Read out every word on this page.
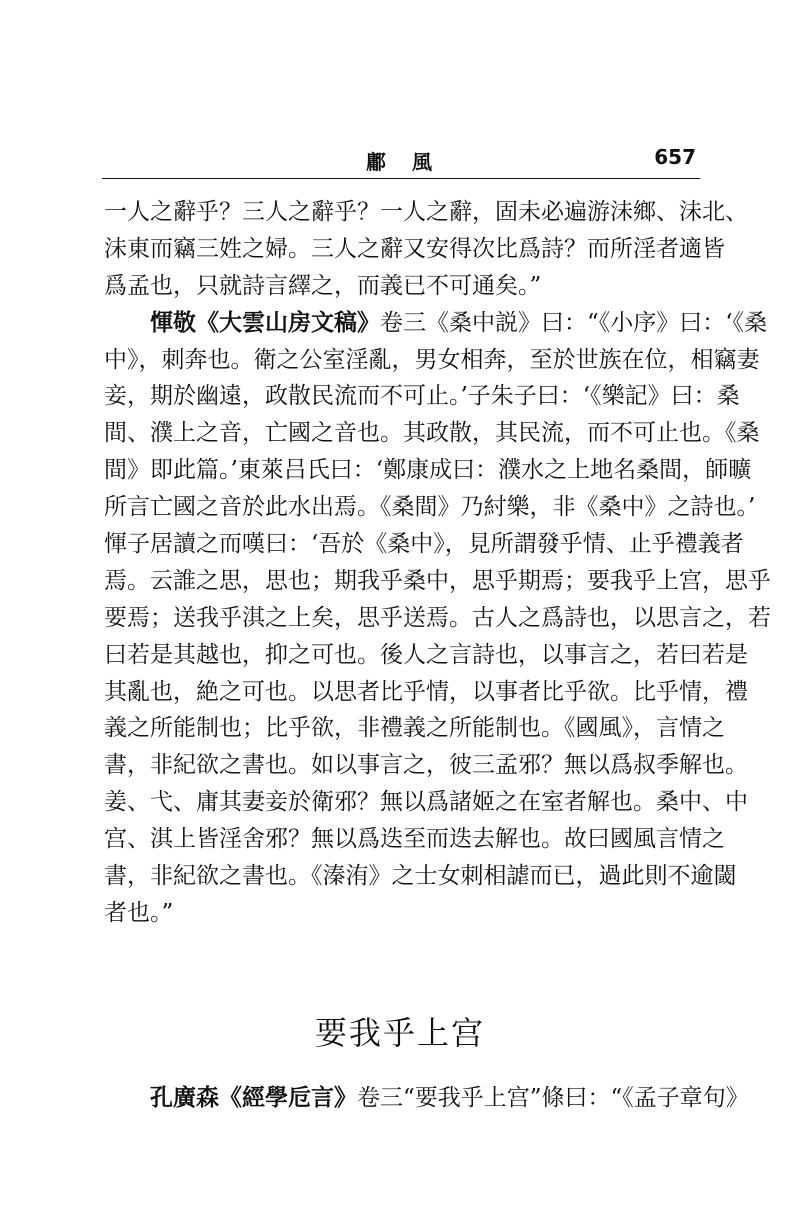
鄘風	657
一人之辭乎？三人之辭乎？一人之辭，固未必遍游沬鄉、沬北、
沬東而竊三姓之婦。三人之辭又安得次比爲詩？而所淫者適皆
爲孟也，只就詩言繹之，而義已不可通矣。”
惲敬《大雲山房文稿》卷三《桑中説》曰：“《小序》曰：‘《桑
中》，刺奔也。衛之公室淫亂，男女相奔，至於世族在位，相竊妻
妾，期於幽遠，政散民流而不可止。’子朱子曰：‘《樂記》曰：桑
間、濮上之音，亡國之音也。其政散，其民流，而不可止也。《桑
間》即此篇。’東萊吕氏曰：‘鄭康成曰：濮水之上地名桑間，師曠
所言亡國之音於此水出焉。《桑間》乃紂樂，非《桑中》之詩也。’
惲子居讀之而嘆曰：‘吾於《桑中》，見所謂發乎情、止乎禮義者
焉。云誰之思，思也；期我乎桑中，思乎期焉；要我乎上宫，思乎
要焉；送我乎淇之上矣，思乎送焉。古人之爲詩也，以思言之，若
曰若是其越也，抑之可也。後人之言詩也，以事言之，若曰若是
其亂也，絶之可也。以思者比乎情，以事者比乎欲。比乎情，禮
義之所能制也；比乎欲，非禮義之所能制也。《國風》，言情之
書，非紀欲之書也。如以事言之，彼三孟邪？無以爲叔季解也。
姜、弋、庸其妻妾於衛邪？無以爲諸姬之在室者解也。桑中、中
宫、淇上皆淫舍邪？無以爲迭至而迭去解也。故曰國風言情之
書，非紀欲之書也。《溱洧》之士女刺相謔而已，過此則不逾閾
者也。”
要我乎上宫
孔廣森《經學卮言》卷三“要我乎上宫”條曰：“《孟子章句》
